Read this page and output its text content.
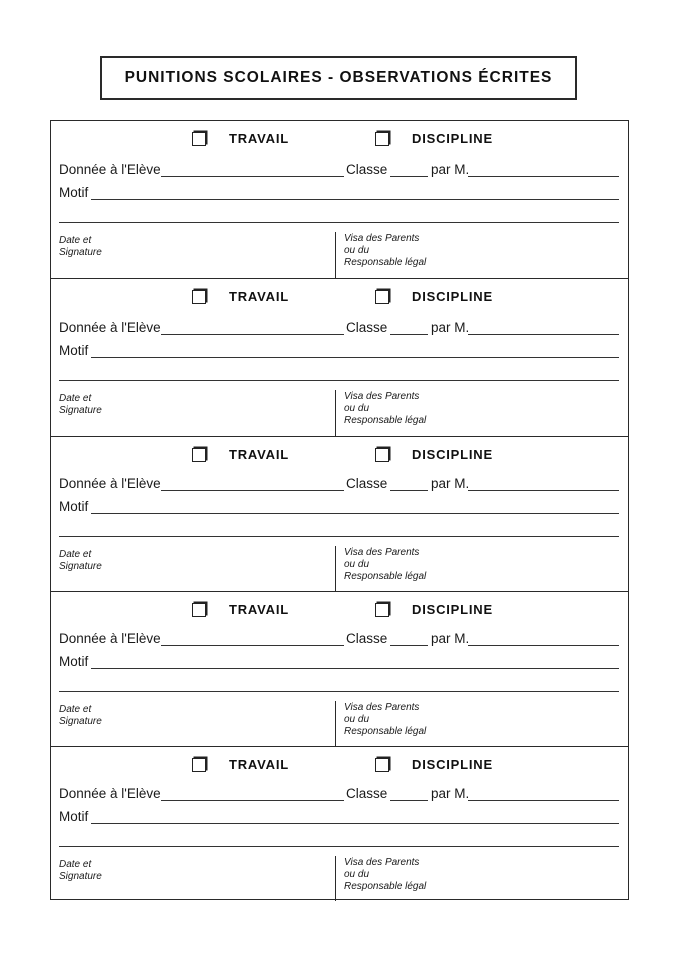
PUNITIONS SCOLAIRES - OBSERVATIONS ÉCRITES
TRAVAIL	DISCIPLINE
Donnée à l'Elève	Classe	par M.
Motif
Date et
Signature
Visa des Parents
ou du
Responsable légal
TRAVAIL	DISCIPLINE
Donnée à l'Elève	Classe	par M.
Motif
Date et
Signature
Visa des Parents
ou du
Responsable légal
TRAVAIL	DISCIPLINE
Donnée à l'Elève	Classe	par M.
Motif
Date et
Signature
Visa des Parents
ou du
Responsable légal
TRAVAIL	DISCIPLINE
Donnée à l'Elève	Classe	par M.
Motif
Date et
Signature
Visa des Parents
ou du
Responsable légal
TRAVAIL	DISCIPLINE
Donnée à l'Elève	Classe	par M.
Motif
Date et
Signature
Visa des Parents
ou du
Responsable légal
